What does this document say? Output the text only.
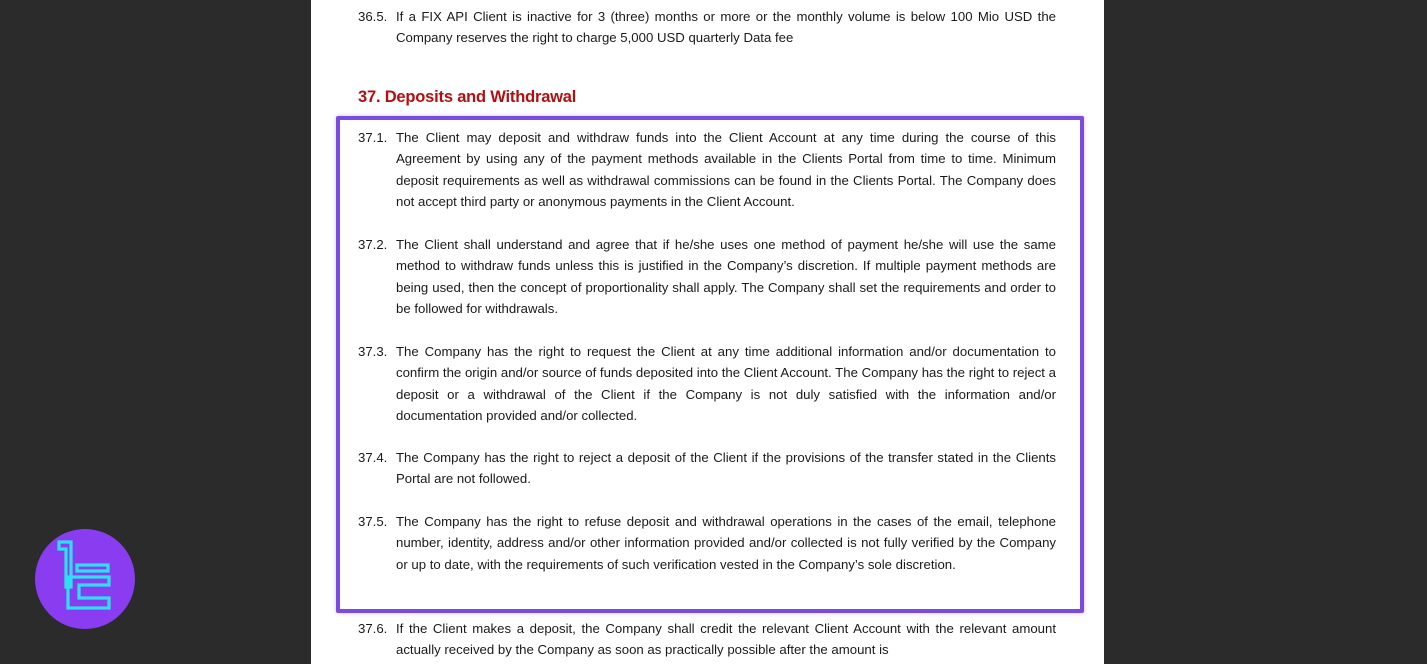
36.5. If a FIX API Client is inactive for 3 (three) months or more or the monthly volume is below 100 Mio USD the Company reserves the right to charge 5,000 USD quarterly Data fee
37. Deposits and Withdrawal
37.1. The Client may deposit and withdraw funds into the Client Account at any time during the course of this Agreement by using any of the payment methods available in the Clients Portal from time to time. Minimum deposit requirements as well as withdrawal commissions can be found in the Clients Portal. The Company does not accept third party or anonymous payments in the Client Account.
37.2. The Client shall understand and agree that if he/she uses one method of payment he/she will use the same method to withdraw funds unless this is justified in the Company’s discretion. If multiple payment methods are being used, then the concept of proportionality shall apply. The Company shall set the requirements and order to be followed for withdrawals.
37.3. The Company has the right to request the Client at any time additional information and/or documentation to confirm the origin and/or source of funds deposited into the Client Account. The Company has the right to reject a deposit or a withdrawal of the Client if the Company is not duly satisfied with the information and/or documentation provided and/or collected.
37.4. The Company has the right to reject a deposit of the Client if the provisions of the transfer stated in the Clients Portal are not followed.
37.5. The Company has the right to refuse deposit and withdrawal operations in the cases of the email, telephone number, identity, address and/or other information provided and/or collected is not fully verified by the Company or up to date, with the requirements of such verification vested in the Company’s sole discretion.
37.6. If the Client makes a deposit, the Company shall credit the relevant Client Account with the relevant amount actually received by the Company as soon as practically possible after the amount is
